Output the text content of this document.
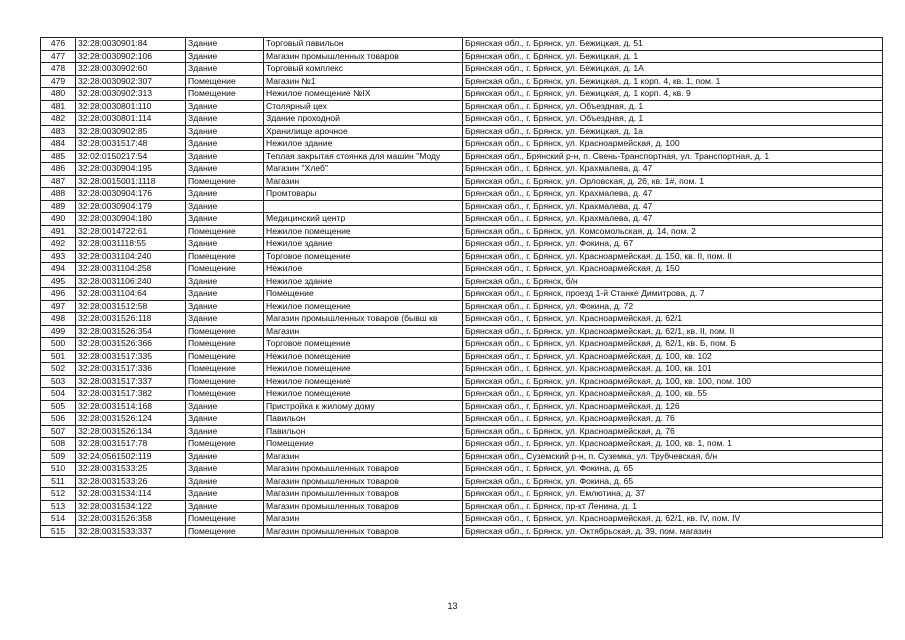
476	32:28:0030901:84	Здание	Торговый павильон	Брянская обл., г. Брянск, ул. Бежицкая, д. 51
477	32:28:0030902:106	Здание	Магазин промышленных товаров	Брянская обл., г. Брянск, ул. Бежицкая, д. 1
478	32:28:0030902:60	Здание	Торговый комплекс	Брянская обл., г. Брянск, ул. Бежицкая, д. 1А
479	32:28:0030902:307	Помещение	Магазин №1	Брянская обл., г. Брянск, ул. Бежицкая, д. 1 корп. 4, кв. 1, пом. 1
480	32:28:0030902:313	Помещение	Нежилое помещение №IX	Брянская обл., г. Брянск, ул. Бежицкая, д. 1 корп. 4, кв. 9
481	32:28:0030801:110	Здание	Столярный цех	Брянская обл., г. Брянск, ул. Объездная, д. 1
482	32:28:0030801:114	Здание	Здание проходной	Брянская обл., г. Брянск, ул. Объездная, д. 1
483	32:28:0030902:85	Здание	Хранилище арочное	Брянская обл., г. Брянск, ул. Бежицкая, д. 1а
484	32:28:0031517:48	Здание	Нежилое здание	Брянская обл., г. Брянск, ул. Красноармейская, д. 100
485	32:02:0150217:54	Здание	Теплая закрытая стоянка для машин "Моду	Брянская обл., Брянский р-н, п. Свень-Транспортная, ул. Транспортная, д. 1
486	32:28:0030904:195	Здание	Магазин "Хлеб"	Брянская обл., г. Брянск, ул. Крахмалева, д. 47
487	32:28:0015001:1118	Помещение	Магазин	Брянская обл., г. Брянск, ул. Орловская, д. 26, кв. 1#, пом. 1
488	32:28:0030904:176	Здание	Промтовары	Брянская обл., г. Брянск, ул. Крахмалева, д. 47
489	32:28:0030904:179	Здание		Брянская обл., г. Брянск, ул. Крахмалева, д. 47
490	32:28:0030904:180	Здание	Медицинский центр	Брянская обл., г. Брянск, ул. Крахмалева, д. 47
491	32:28:0014722:61	Помещение	Нежилое помещение	Брянская обл., г. Брянск, ул. Комсомольская, д. 14, пом. 2
492	32:28:0031118:55	Здание	Нежилое здание	Брянская обл., г. Брянск, ул. Фокина, д. 67
493	32:28:0031104:240	Помещение	Торговое помещение	Брянская обл., г. Брянск, ул. Красноармейская, д. 150, кв. II, пом. II
494	32:28:0031104:258	Помещение	Нежилое	Брянская обл., г. Брянск, ул. Красноармейская, д. 150
495	32:28:0031106:240	Здание	Нежилое здание	Брянская обл., г. Брянск, б/н
496	32:28:0031104:64	Здание	Помещение	Брянская обл., г. Брянск, проезд 1-й Станке Димитрова, д. 7
497	32:28:0031512:58	Здание	Нежилое помещение	Брянская обл., г. Брянск, ул. Фокина, д. 72
498	32:28:0031526:118	Здание	Магазин промышленных товаров (бывш кв	Брянская обл., г. Брянск, ул. Красноармейская, д. 62/1
499	32:28:0031526:354	Помещение	Магазин	Брянская обл., г. Брянск, ул. Красноармейская, д. 62/1, кв. II, пом. II
500	32:28:0031526:366	Помещение	Торговое помещение	Брянская обл., г. Брянск, ул. Красноармейская, д. 62/1, кв. Б, пом. Б
501	32:28:0031517:335	Помещение	Нежилое помещение	Брянская обл., г. Брянск, ул. Красноармейская, д. 100, кв. 102
502	32:28:0031517:336	Помещение	Нежилое помещение	Брянская обл., г. Брянск, ул. Красноармейская, д. 100, кв. 101
503	32:28:0031517:337	Помещение	Нежилое помещение	Брянская обл., г. Брянск, ул. Красноармейская, д. 100, кв. 100, пом. 100
504	32:28:0031517:382	Помещение	Нежилое помещение	Брянская обл., г. Брянск, ул. Красноармейская, д. 100, кв. 55
505	32:28:0031514:168	Здание	Пристройка к жилому дому	Брянская обл., г. Брянск, ул. Красноармейская, д. 126
506	32:28:0031526:124	Здание	Павильон	Брянская обл., г. Брянск, ул. Красноармейская, д. 76
507	32:28:0031526:134	Здание	Павильон	Брянская обл., г. Брянск, ул. Красноармейская, д. 76
508	32:28:0031517:78	Помещение	Помещение	Брянская обл., г. Брянск, ул. Красноармейская, д. 100, кв. 1, пом. 1
509	32:24:0561502:119	Здание	Магазин	Брянская обл., Суземский р-н, п. Суземка, ул. Трубчевская, б/н
510	32:28:0031533:25	Здание	Магазин промышленных товаров	Брянская обл., г. Брянск, ул. Фокина, д. 65
511	32:28:0031533:26	Здание	Магазин промышленных товаров	Брянская обл., г. Брянск, ул. Фокина, д. 65
512	32:28:0031534:114	Здание	Магазин промышленных товаров	Брянская обл., г. Брянск, ул. Емлютина, д. 37
513	32:28:0031534:122	Здание	Магазин промышленных товаров	Брянская обл., г. Брянск, пр-кт Ленина, д. 1
514	32:28:0031526:358	Помещение	Магазин	Брянская обл., г. Брянск, ул. Красноармейская, д. 62/1, кв. IV, пом. IV
515	32:28:0031533:337	Помещение	Магазин промышленных товаров	Брянская обл., г. Брянск, ул. Октябрьская, д. 39, пом. магазин
13
